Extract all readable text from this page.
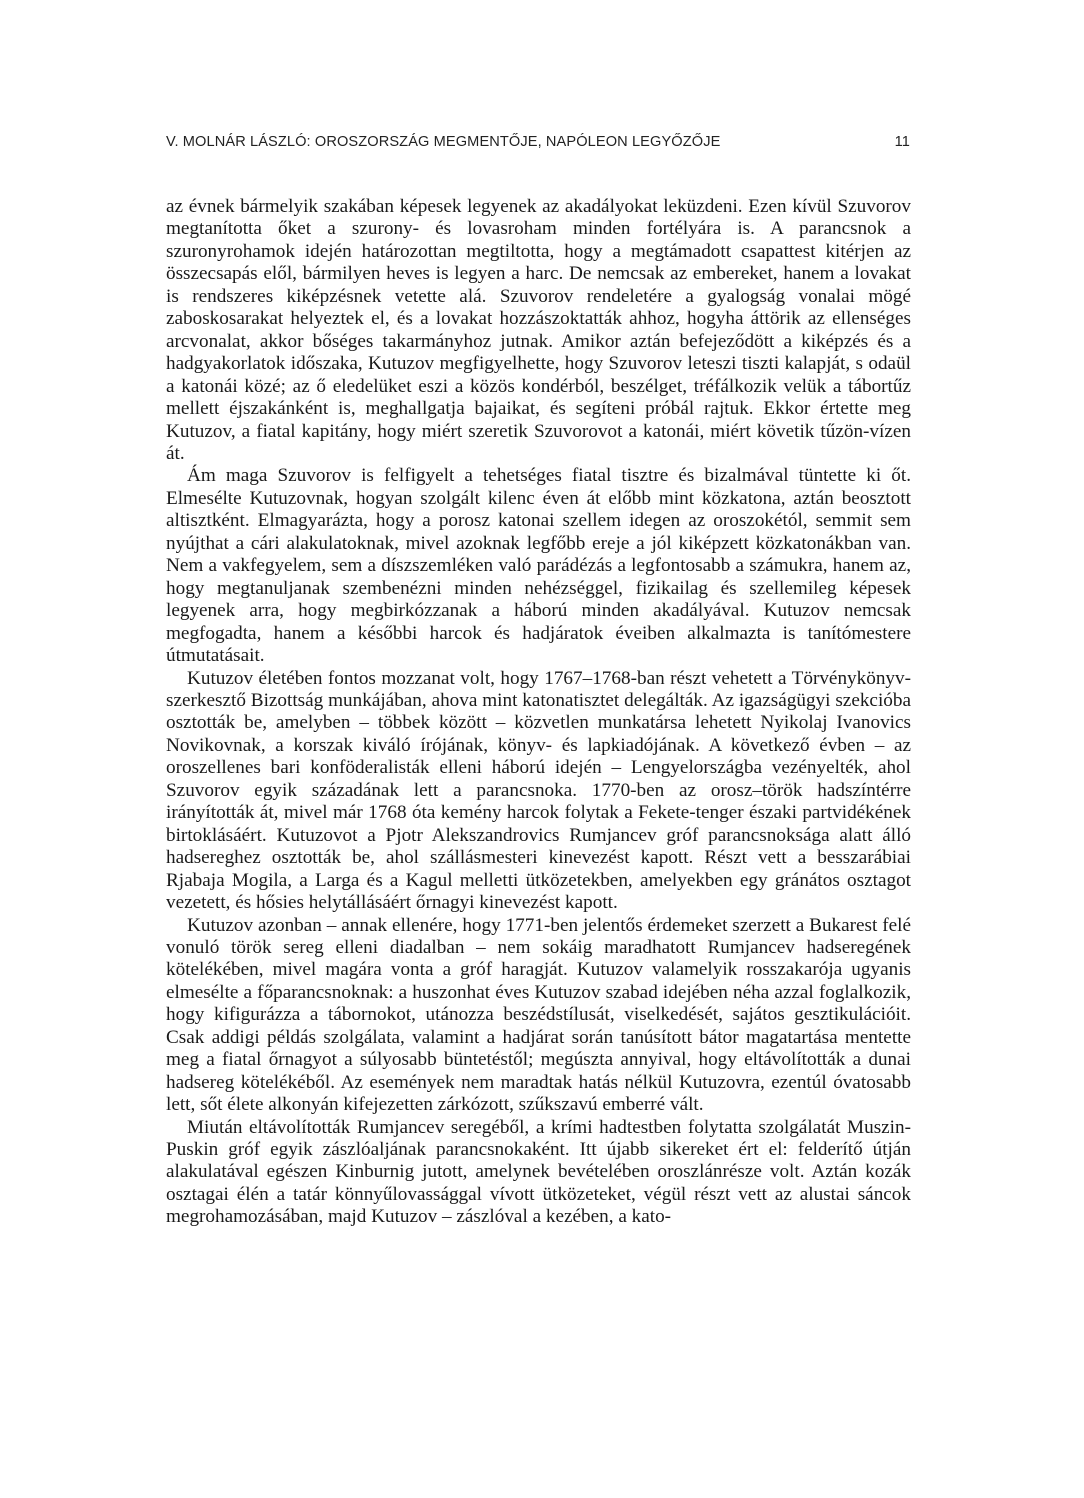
V. MOLNÁR LÁSZLÓ: OROSZORSZÁG MEGMENTŐJE, NAPÓLEON LEGYŐZŐJE	11

az évnek bármelyik szakában képesek legyenek az akadályokat leküzdeni. Ezen kívül Szuvorov megtanította őket a szurony- és lovasroham minden fortélyára is. A parancsnok a szuronyrohamok idején határozottan megtiltotta, hogy a megtámadott csapattest kitérjen az összecsapás elől, bármilyen heves is legyen a harc. De nemcsak az embereket, hanem a lovakat is rendszeres kiképzésnek vetette alá. Szuvorov rendeletére a gyalogság vonalai mögé zaboskosarakat helyeztek el, és a lovakat hozzászoktatták ahhoz, hogyha áttörik az ellenséges arcvonalat, akkor bőséges takarmányhoz jutnak. Amikor aztán befejeződött a kiképzés és a hadgyakorlatok időszaka, Kutuzov megfigyelhette, hogy Szuvorov leteszi tiszti kalapját, s odaül a katonái közé; az ő eledelüket eszi a közös kondérból, beszélget, tréfálkozik velük a tábortűz mellett éjszakánként is, meghallgatja bajaikat, és segíteni próbál rajtuk. Ekkor értette meg Kutuzov, a fiatal kapitány, hogy miért szeretik Szuvorovot a katonái, miért követik tűzön-vízen át.

Ám maga Szuvorov is felfigyelt a tehetséges fiatal tisztre és bizalmával tüntette ki őt. Elmesélte Kutuzovnak, hogyan szolgált kilenc éven át előbb mint közkatona, aztán beosztott altisztként. Elmagyarázta, hogy a porosz katonai szellem idegen az oroszokétól, semmit sem nyújthat a cári alakulatoknak, mivel azoknak legfőbb ereje a jól kiképzett közkatonákban van. Nem a vakfegyelem, sem a díszszemléken való parádézás a legfontosabb a számukra, hanem az, hogy megtanuljanak szembenézni minden nehézséggel, fizikailag és szellemileg képesek legyenek arra, hogy megbirkózzanak a háború minden akadályával. Kutuzov nemcsak megfogadta, hanem a későbbi harcok és hadjáratok éveiben alkalmazta is tanítómestere útmutatásait.

Kutuzov életében fontos mozzanat volt, hogy 1767–1768-ban részt vehetett a Törvénykönyv-szerkesztő Bizottság munkájában, ahova mint katonatisztet delegálták. Az igazságügyi szekcióba osztották be, amelyben – többek között – közvetlen munkatársa lehetett Nyikolaj Ivanovics Novikovnak, a korszak kiváló írójának, könyv- és lapkiadójának. A következő évben – az oroszellenes bari konföderalisták elleni háború idején – Lengyelországba vezényelték, ahol Szuvorov egyik századának lett a parancsnoka. 1770-ben az orosz–török hadszíntérre irányították át, mivel már 1768 óta kemény harcok folytak a Fekete-tenger északi partvidékének birtoklásáért. Kutuzovot a Pjotr Alekszandrovics Rumjancev gróf parancsnoksága alatt álló hadsereghez osztották be, ahol szállásmesteri kinevezést kapott. Részt vett a besszarábiai Rjabaja Mogila, a Larga és a Kagul melletti ütközetekben, amelyekben egy gránátos osztagot vezetett, és hősies helytállásáért őrnagyi kinevezést kapott.

Kutuzov azonban – annak ellenére, hogy 1771-ben jelentős érdemeket szerzett a Bukarest felé vonuló török sereg elleni diadalban – nem sokáig maradhatott Rumjancev hadseregének kötelékében, mivel magára vonta a gróf haragját. Kutuzov valamelyik rosszakarója ugyanis elmesélte a főparancsnoknak: a huszonhat éves Kutuzov szabad idejében néha azzal foglalkozik, hogy kifigurázza a tábornokot, utánozza beszédstílusát, viselkedését, sajátos gesztikulációit. Csak addigi példás szolgálata, valamint a hadjárat során tanúsított bátor magatartása mentette meg a fiatal őrnagyot a súlyosabb büntetéstől; megúszta annyival, hogy eltávolították a dunai hadsereg kötelékéből. Az események nem maradtak hatás nélkül Kutuzovra, ezentúl óvatosabb lett, sőt élete alkonyán kifejezetten zárkózott, szűkszavú emberré vált.

Miután eltávolították Rumjancev seregéből, a krími hadtestben folytatta szolgálatát Muszin-Puskin gróf egyik zászlóaljának parancsnokaként. Itt újabb sikereket ért el: felderítő útján alakulatával egészen Kinburnig jutott, amelynek bevételében oroszlánrésze volt. Aztán kozák osztagai élén a tatár könnyűlovassággal vívott ütközeteket, végül részt vett az alustai sáncok megrohamozásában, majd Kutuzov – zászlóval a kezében, a kato-
